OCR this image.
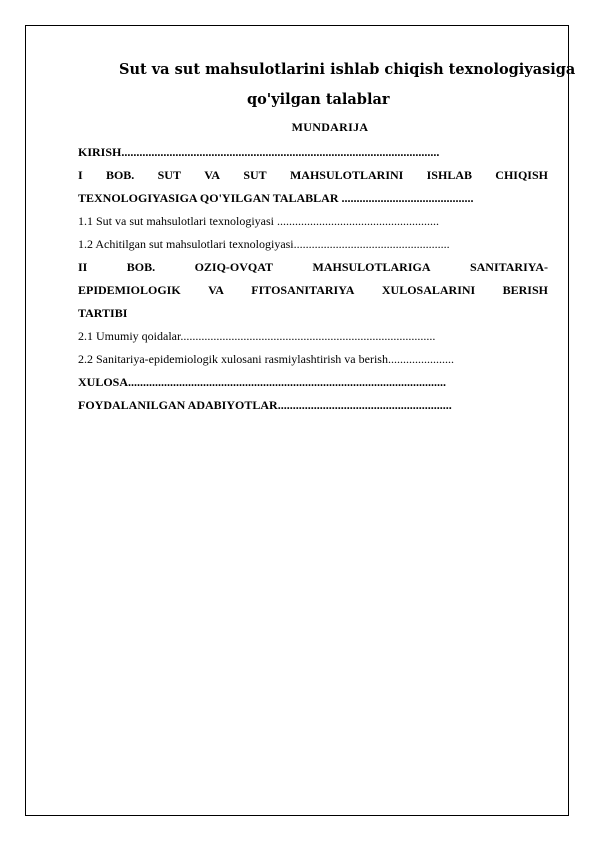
Sut va sut mahsulotlarini ishlab chiqish texnologiyasiga
qo'yilgan talablar
MUNDARIJA
KIRISH..........................................................................................................
I BOB. SUT VA SUT MAHSULOTLARINI ISHLAB CHIQISH
TEXNOLOGIYASIGA QO'YILGAN TALABLAR ............................................
1.1 Sut va sut mahsulotlari texnologiyasi ......................................................
1.2 Achitilgan sut mahsulotlari texnologiyasi....................................................
II	BOB.	OZIQ-OVQAT	MAHSULOTLARIGA	SANITARIYA-
EPIDEMIOLOGIK VA FITOSANITARIYA XULOSALARINI BERISH
TARTIBI
2.1 Umumiy qoidalar.....................................................................................
2.2 Sanitariya-epidemiologik xulosani rasmiylashtirish va berish......................
XULOSA..........................................................................................................
FOYDALANILGAN ADABIYOTLAR..........................................................
